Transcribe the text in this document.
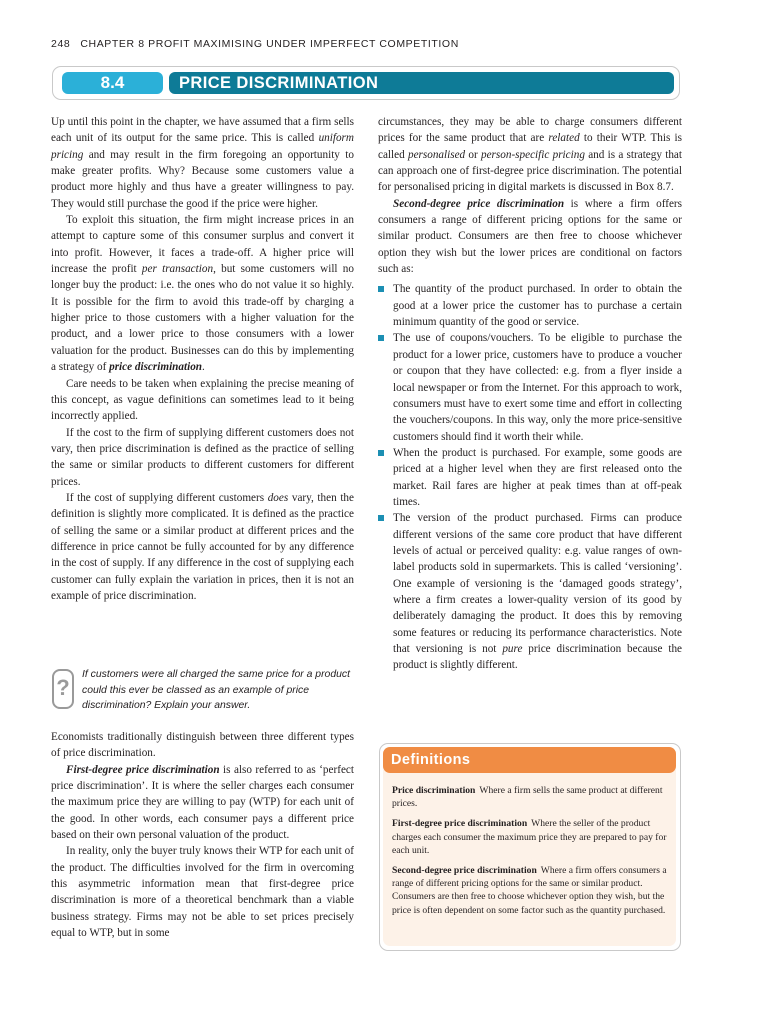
248 CHAPTER 8 PROFIT MAXIMISING UNDER IMPERFECT COMPETITION
8.4	PRICE DISCRIMINATION

Up until this point in the chapter, we have assumed that a firm sells each unit of its output for the same price. This is called uniform pricing and may result in the firm foregoing an opportunity to make greater profits. Why? Because some customers value a product more highly and thus have a greater willingness to pay. They would still purchase the good if the price were higher.

To exploit this situation, the firm might increase prices in an attempt to capture some of this consumer surplus and convert it into profit. However, it faces a trade-off. A higher price will increase the profit per transaction, but some customers will no longer buy the product: i.e. the ones who do not value it so highly. It is possible for the firm to avoid this trade-off by charging a higher price to those customers with a higher valuation for the product, and a lower price to those consumers with a lower valuation for the product. Businesses can do this by implementing a strategy of price discrimination.

Care needs to be taken when explaining the precise meaning of this concept, as vague definitions can sometimes lead to it being incorrectly applied.

If the cost to the firm of supplying different customers does not vary, then price discrimination is defined as the practice of selling the same or similar products to different customers for different prices.

If the cost of supplying different customers does vary, then the definition is slightly more complicated. It is defined as the practice of selling the same or a similar product at different prices and the difference in price cannot be fully accounted for by any difference in the cost of supply. If any difference in the cost of supplying each customer can fully explain the variation in prices, then it is not an example of price discrimination.

?
If customers were all charged the same price for a product could this ever be classed as an example of price discrimination? Explain your answer.

Economists traditionally distinguish between three different types of price discrimination.

First-degree price discrimination is also referred to as ‘perfect price discrimination’. It is where the seller charges each consumer the maximum price they are willing to pay (WTP) for each unit of the good. In other words, each consumer pays a different price based on their own personal valuation of the product.

In reality, only the buyer truly knows their WTP for each unit of the product. The difficulties involved for the firm in overcoming this asymmetric information mean that first-degree price discrimination is more of a theoretical benchmark than a viable business strategy. Firms may not be able to set prices precisely equal to WTP, but in some

circumstances, they may be able to charge consumers different prices for the same product that are related to their WTP. This is called personalised or person-specific pricing and is a strategy that can approach one of first-degree price discrimination. The potential for personalised pricing in digital markets is discussed in Box 8.7.

Second-degree price discrimination is where a firm offers consumers a range of different pricing options for the same or similar product. Consumers are then free to choose whichever option they wish but the lower prices are conditional on factors such as:

The quantity of the product purchased. In order to obtain the good at a lower price the customer has to purchase a certain minimum quantity of the good or service.
The use of coupons/vouchers. To be eligible to purchase the product for a lower price, customers have to produce a voucher or coupon that they have collected: e.g. from a flyer inside a local newspaper or from the Internet. For this approach to work, consumers must have to exert some time and effort in collecting the vouchers/coupons. In this way, only the more price-sensitive customers should find it worth their while.
When the product is purchased. For example, some goods are priced at a higher level when they are first released onto the market. Rail fares are higher at peak times than at off-peak times.
The version of the product purchased. Firms can produce different versions of the same core product that have different levels of actual or perceived quality: e.g. value ranges of own-label products sold in supermarkets. This is called ‘versioning’. One example of versioning is the ‘damaged goods strategy’, where a firm creates a lower-quality version of its good by deliberately damaging the product. It does this by removing some features or reducing its performance characteristics. Note that versioning is not pure price discrimination because the product is slightly different.
Definitions

Price discrimination Where a firm sells the same product at different prices.

First-degree price discrimination Where the seller of the product charges each consumer the maximum price they are prepared to pay for each unit.

Second-degree price discrimination Where a firm offers consumers a range of different pricing options for the same or similar product. Consumers are then free to choose whichever option they wish, but the price is often dependent on some factor such as the quantity purchased.
